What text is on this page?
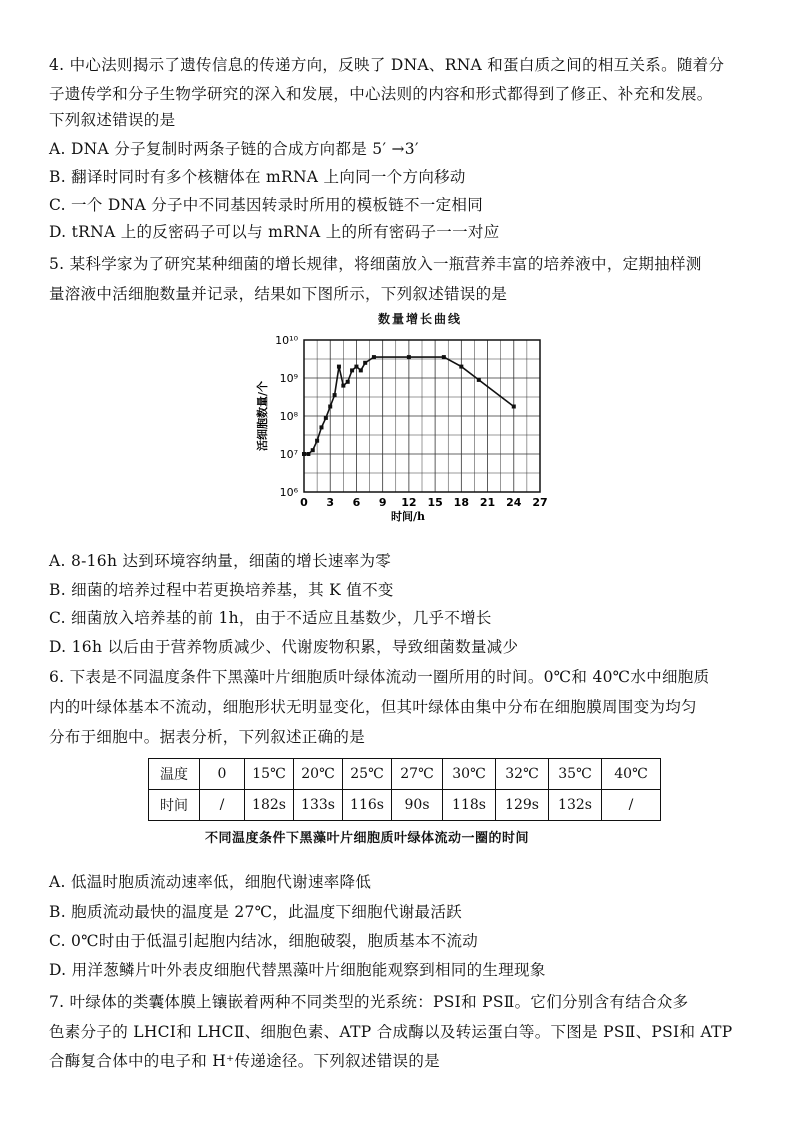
4. 中心法则揭示了遗传信息的传递方向，反映了 DNA、RNA 和蛋白质之间的相互关系。随着分
子遗传学和分子生物学研究的深入和发展，中心法则的内容和形式都得到了修正、补充和发展。
下列叙述错误的是
A. DNA 分子复制时两条子链的合成方向都是 5′ →3′
B. 翻译时同时有多个核糖体在 mRNA 上向同一个方向移动
C. 一个 DNA 分子中不同基因转录时所用的模板链不一定相同
D. tRNA 上的反密码子可以与 mRNA 上的所有密码子一一对应
5. 某科学家为了研究某种细菌的增长规律，将细菌放入一瓶营养丰富的培养液中，定期抽样测
量溶液中活细胞数量并记录，结果如下图所示，下列叙述错误的是
数量增长曲线
0 3 6 9 12 15 18 21 24 27
10⁶
10⁷
10⁸
10⁹
10¹⁰
时间/h
活细胞数量/个
A. 8-16h 达到环境容纳量，细菌的增长速率为零
B. 细菌的培养过程中若更换培养基，其 K 值不变
C. 细菌放入培养基的前 1h，由于不适应且基数少，几乎不增长
D. 16h 以后由于营养物质减少、代谢废物积累，导致细菌数量减少
6. 下表是不同温度条件下黑藻叶片细胞质叶绿体流动一圈所用的时间。0℃和 40℃水中细胞质
内的叶绿体基本不流动，细胞形状无明显变化，但其叶绿体由集中分布在细胞膜周围变为均匀
分布于细胞中。据表分析，下列叙述正确的是
温度	0	15℃	20℃	25℃	27℃	30℃	32℃	35℃	40℃
时间	/	182s	133s	116s	90s	118s	129s	132s	/
不同温度条件下黑藻叶片细胞质叶绿体流动一圈的时间
A. 低温时胞质流动速率低，细胞代谢速率降低
B. 胞质流动最快的温度是 27℃，此温度下细胞代谢最活跃
C. 0℃时由于低温引起胞内结冰，细胞破裂，胞质基本不流动
D. 用洋葱鳞片叶外表皮细胞代替黑藻叶片细胞能观察到相同的生理现象
7. 叶绿体的类囊体膜上镶嵌着两种不同类型的光系统：PSⅠ和 PSⅡ。它们分别含有结合众多
色素分子的 LHCⅠ和 LHCⅡ、细胞色素、ATP 合成酶以及转运蛋白等。下图是 PSⅡ、PSⅠ和 ATP
合酶复合体中的电子和 H⁺传递途径。下列叙述错误的是
